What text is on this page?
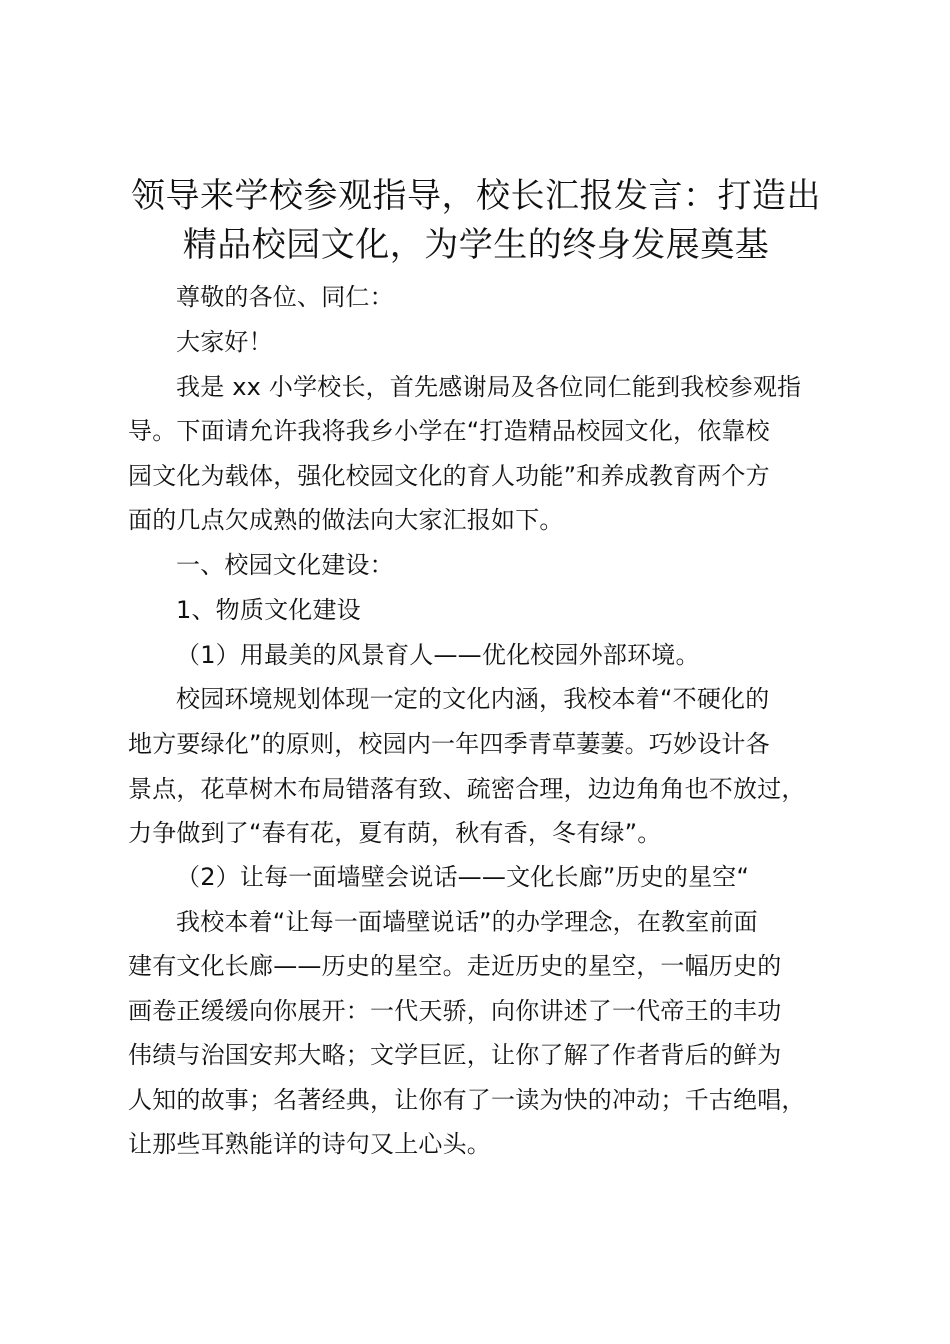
领导来学校参观指导，校长汇报发言：打造出
精品校园文化，为学生的终身发展奠基
尊敬的各位、同仁：
大家好！
我是 xx 小学校长，首先感谢局及各位同仁能到我校参观指
导。下面请允许我将我乡小学在“打造精品校园文化，依靠校
园文化为载体，强化校园文化的育人功能”和养成教育两个方
面的几点欠成熟的做法向大家汇报如下。
一、校园文化建设：
1、物质文化建设
（1）用最美的风景育人——优化校园外部环境。
校园环境规划体现一定的文化内涵，我校本着“不硬化的
地方要绿化”的原则，校园内一年四季青草萋萋。巧妙设计各
景点，花草树木布局错落有致、疏密合理，边边角角也不放过，
力争做到了“春有花，夏有荫，秋有香，冬有绿”。
（2）让每一面墙壁会说话——文化长廊”历史的星空“
我校本着“让每一面墙壁说话”的办学理念，在教室前面
建有文化长廊——历史的星空。走近历史的星空，一幅历史的
画卷正缓缓向你展开：一代天骄，向你讲述了一代帝王的丰功
伟绩与治国安邦大略；文学巨匠，让你了解了作者背后的鲜为
人知的故事；名著经典，让你有了一读为快的冲动；千古绝唱，
让那些耳熟能详的诗句又上心头。
